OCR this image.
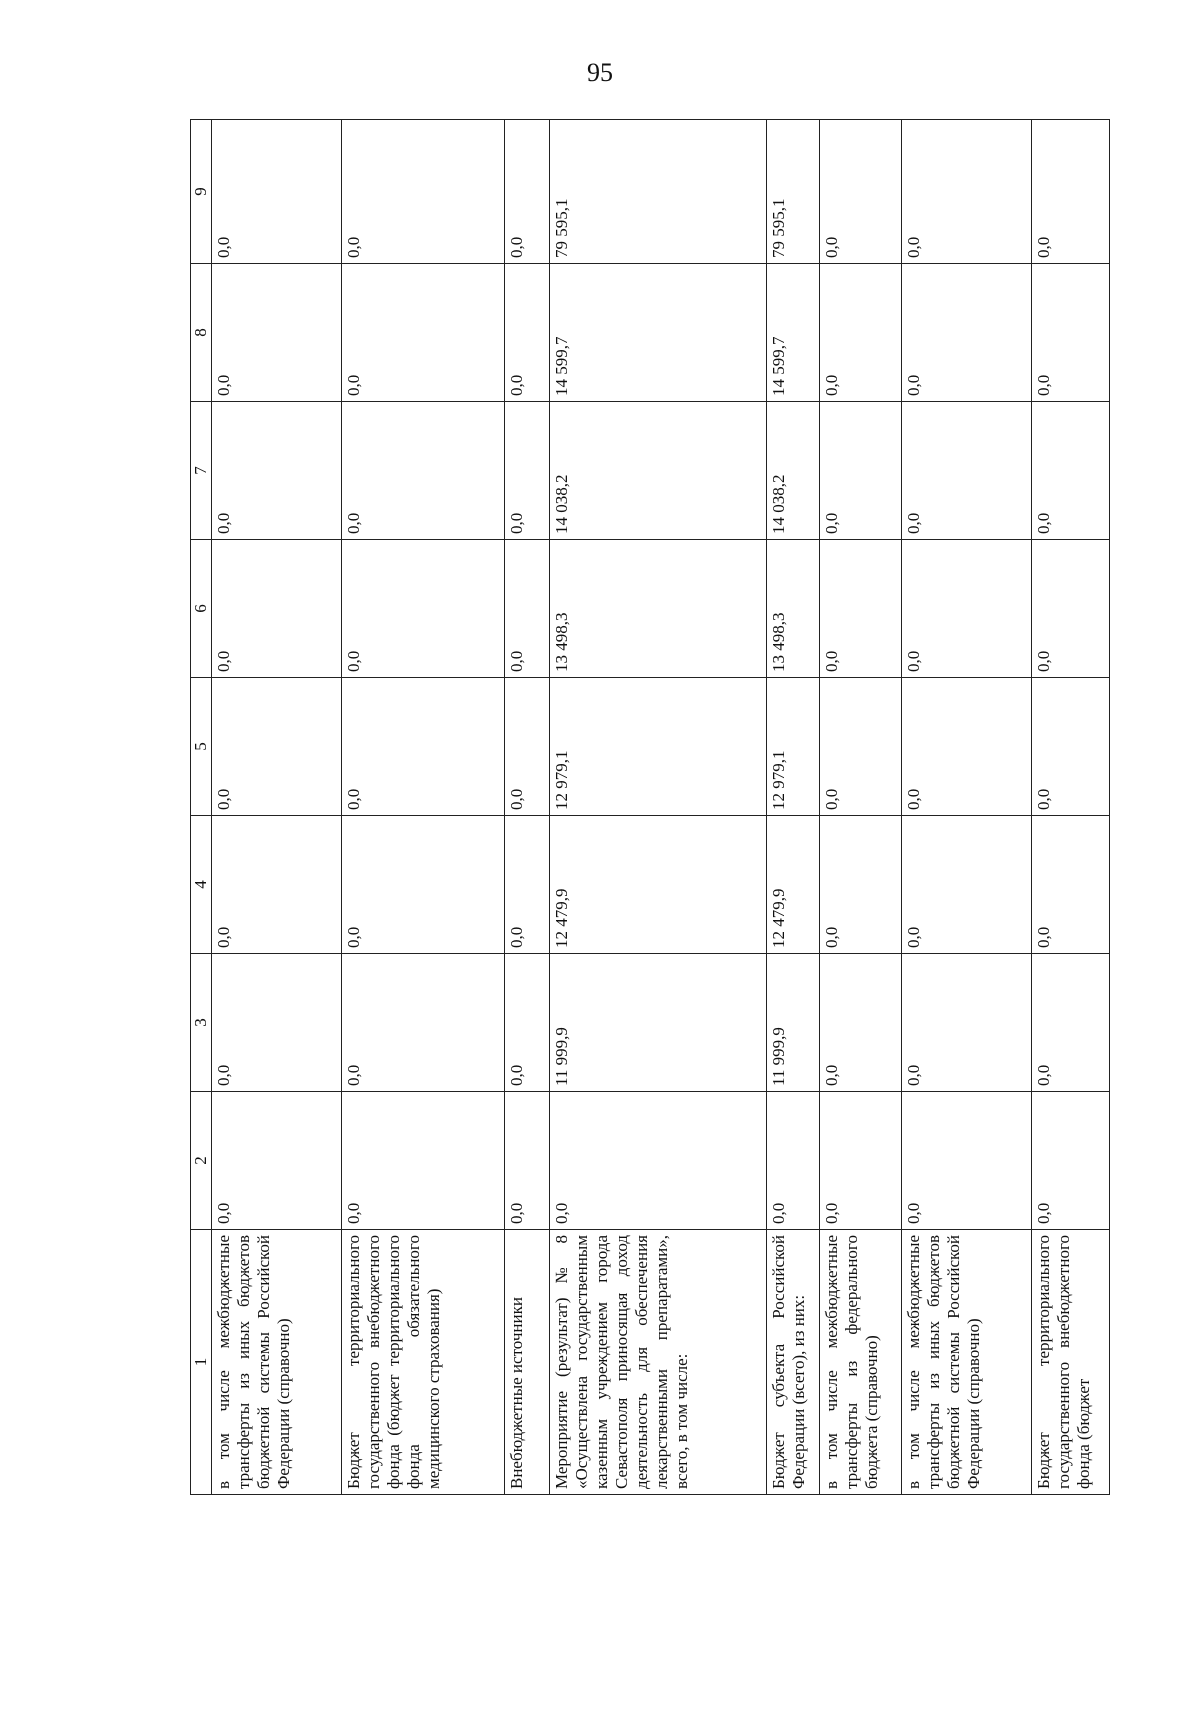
95
1	2	3	4	5	6	7	8	9
в том числе межбюджетные трансферты из иных бюджетов бюджетной системы Российской Федерации (справочно)	0,0	0,0	0,0	0,0	0,0	0,0	0,0	0,0
Бюджет территориального государственного внебюджетного фонда (бюджет территориального фонда обязательного медицинского страхования)	0,0	0,0	0,0	0,0	0,0	0,0	0,0	0,0
Внебюджетные источники	0,0	0,0	0,0	0,0	0,0	0,0	0,0	0,0
Мероприятие (результат) № 8 «Осуществлена государственным казенным учреждением города Севастополя приносящая доход деятельность для обеспечения лекарственными препаратами», всего, в том числе:	0,0	11 999,9	12 479,9	12 979,1	13 498,3	14 038,2	14 599,7	79 595,1
Бюджет субъекта Российской Федерации (всего), из них:	0,0	11 999,9	12 479,9	12 979,1	13 498,3	14 038,2	14 599,7	79 595,1
в том числе межбюджетные трансферты из федерального бюджета (справочно)	0,0	0,0	0,0	0,0	0,0	0,0	0,0	0,0
в том числе межбюджетные трансферты из иных бюджетов бюджетной системы Российской Федерации (справочно)	0,0	0,0	0,0	0,0	0,0	0,0	0,0	0,0
Бюджет территориального государственного внебюджетного фонда (бюджет	0,0	0,0	0,0	0,0	0,0	0,0	0,0	0,0
